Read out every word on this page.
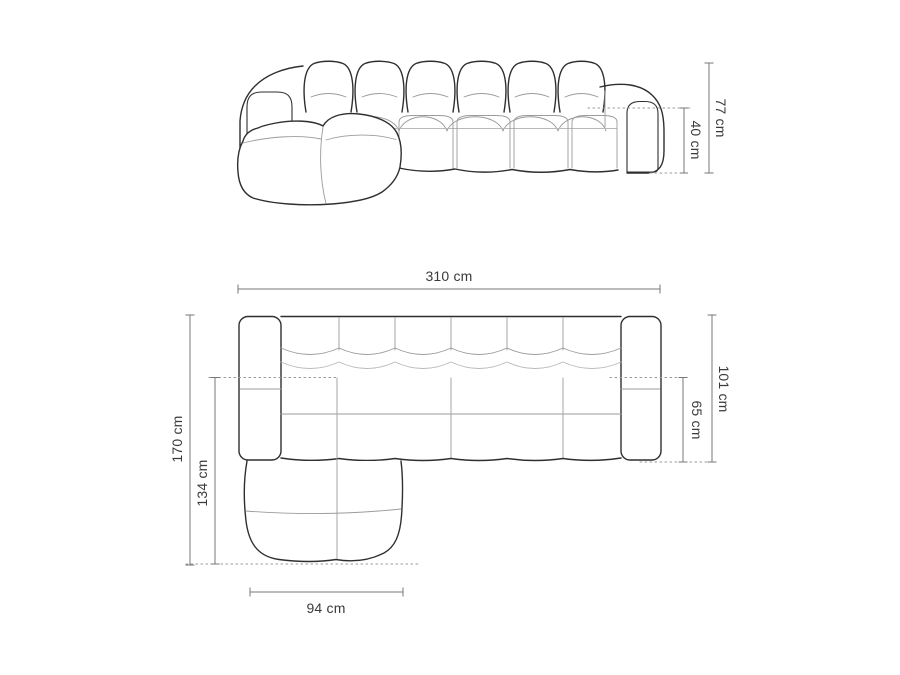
310 cm
170 cm
134 cm
101 cm
65 cm
94 cm
77 cm
40 cm
